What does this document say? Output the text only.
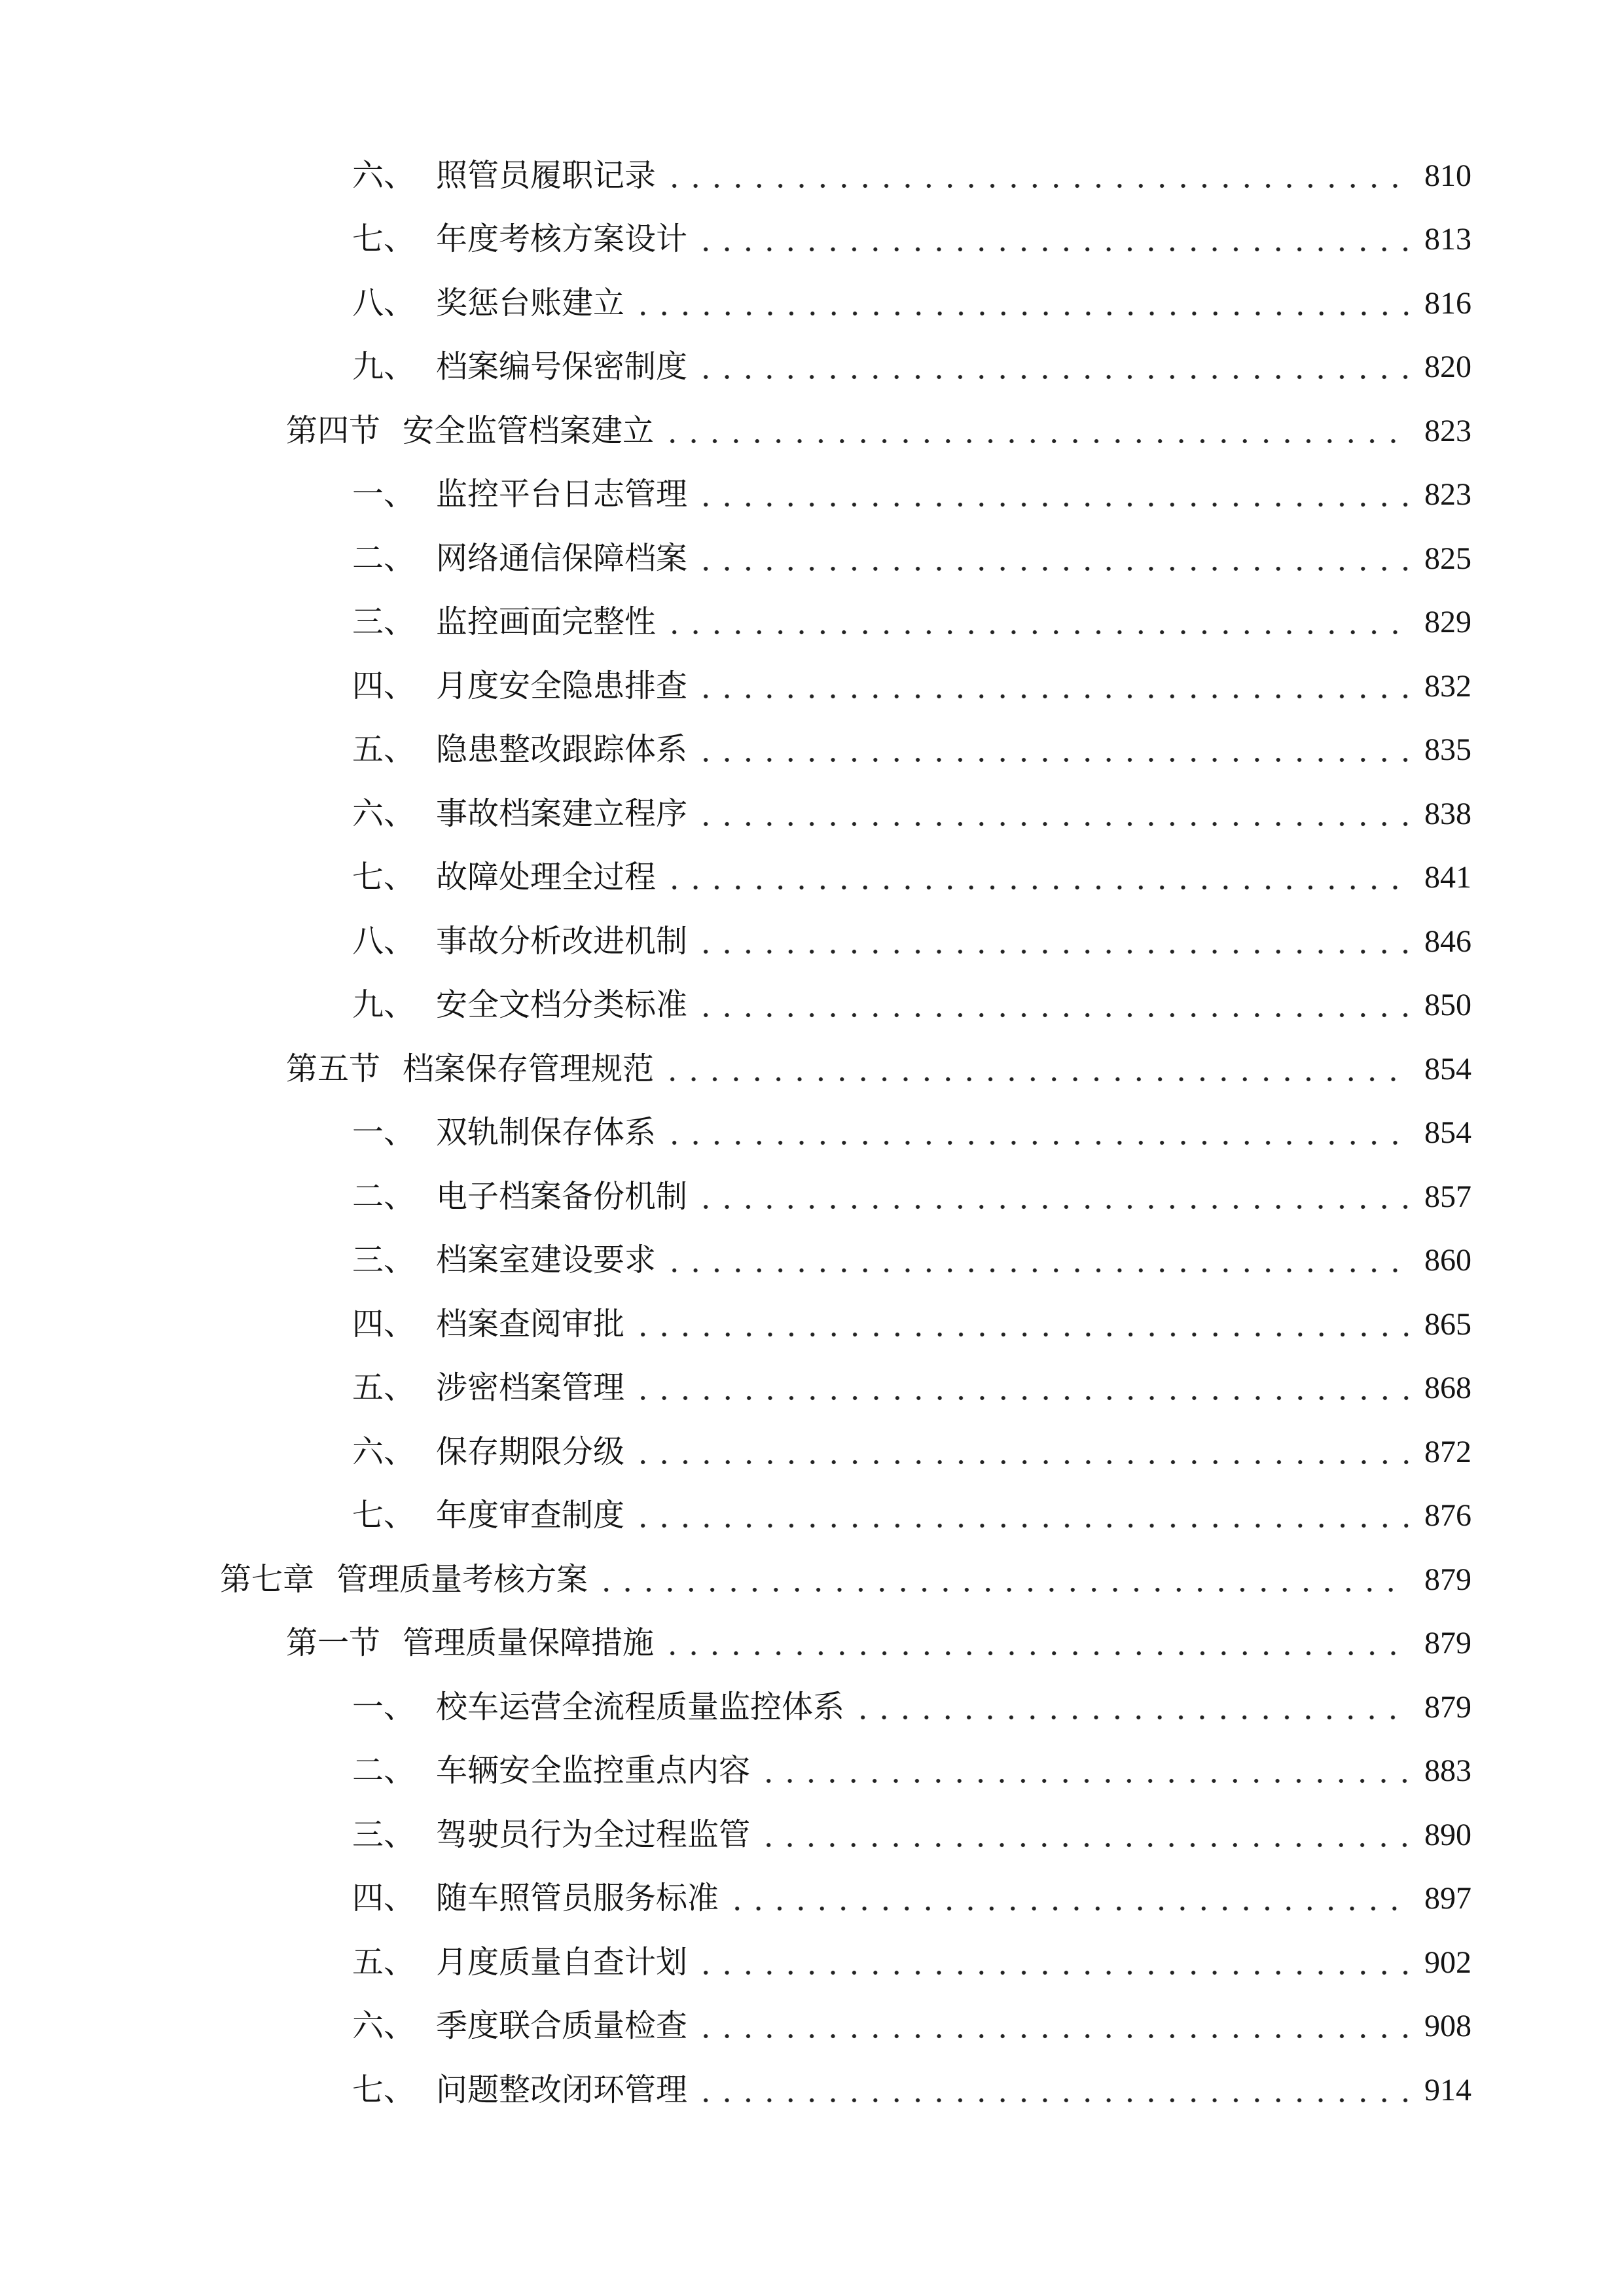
六、 照管员履职记录	810
七、 年度考核方案设计	813
八、 奖惩台账建立	816
九、 档案编号保密制度	820
第四节 安全监管档案建立	823
一、 监控平台日志管理	823
二、 网络通信保障档案	825
三、 监控画面完整性	829
四、 月度安全隐患排查	832
五、 隐患整改跟踪体系	835
六、 事故档案建立程序	838
七、 故障处理全过程	841
八、 事故分析改进机制	846
九、 安全文档分类标准	850
第五节 档案保存管理规范	854
一、 双轨制保存体系	854
二、 电子档案备份机制	857
三、 档案室建设要求	860
四、 档案查阅审批	865
五、 涉密档案管理	868
六、 保存期限分级	872
七、 年度审查制度	876
第七章 管理质量考核方案	879
第一节 管理质量保障措施	879
一、 校车运营全流程质量监控体系	879
二、 车辆安全监控重点内容	883
三、 驾驶员行为全过程监管	890
四、 随车照管员服务标准	897
五、 月度质量自查计划	902
六、 季度联合质量检查	908
七、 问题整改闭环管理	914
